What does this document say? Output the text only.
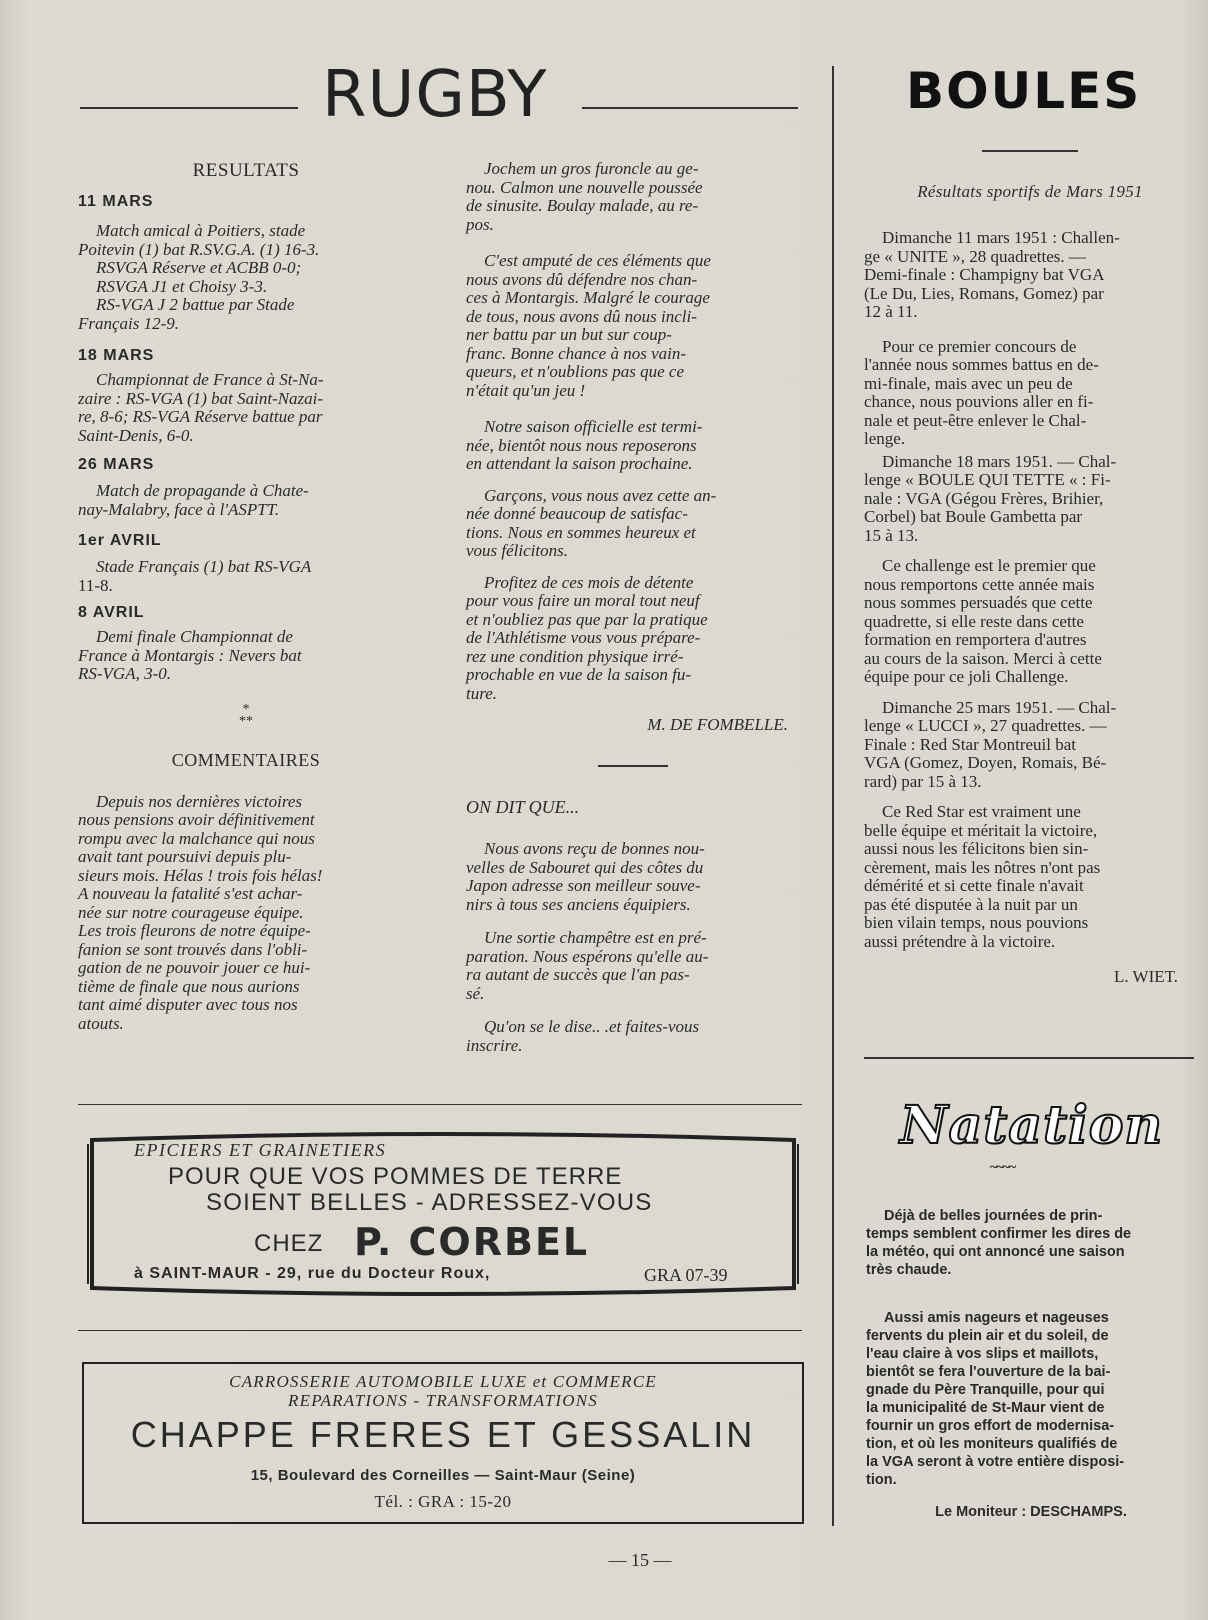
RUGBY
RESULTATS
11 MARS
Match amical à Poitiers, stade
Poitevin (1) bat R.SV.G.A. (1) 16-3.
RSVGA Réserve et ACBB 0-0;
RSVGA J1 et Choisy 3-3.
RS-VGA J 2 battue par Stade
Français 12-9.
18 MARS
Championnat de France à St-Na-
zaire : RS-VGA (1) bat Saint-Nazai-
re, 8-6; RS-VGA Réserve battue par
Saint-Denis, 6-0.
26 MARS
Match de propagande à Chate-
nay-Malabry, face à l'ASPTT.
1er AVRIL
Stade Français (1) bat RS-VGA
11-8.
8 AVRIL
Demi finale Championnat de
France à Montargis : Nevers bat
RS-VGA, 3-0.
*
**
COMMENTAIRES
Depuis nos dernières victoires
nous pensions avoir définitivement
rompu avec la malchance qui nous
avait tant poursuivi depuis plu-
sieurs mois. Hélas ! trois fois hélas!
A nouveau la fatalité s'est achar-
née sur notre courageuse équipe.
Les trois fleurons de notre équipe-
fanion se sont trouvés dans l'obli-
gation de ne pouvoir jouer ce hui-
tième de finale que nous aurions
tant aimé disputer avec tous nos
atouts.
Jochem un gros furoncle au ge-
nou. Calmon une nouvelle poussée
de sinusite. Boulay malade, au re-
pos.
C'est amputé de ces éléments que
nous avons dû défendre nos chan-
ces à Montargis. Malgré le courage
de tous, nous avons dû nous incli-
ner battu par un but sur coup-
franc. Bonne chance à nos vain-
queurs, et n'oublions pas que ce
n'était qu'un jeu !
Notre saison officielle est termi-
née, bientôt nous nous reposerons
en attendant la saison prochaine.
Garçons, vous nous avez cette an-
née donné beaucoup de satisfac-
tions. Nous en sommes heureux et
vous félicitons.
Profitez de ces mois de détente
pour vous faire un moral tout neuf
et n'oubliez pas que par la pratique
de l'Athlétisme vous vous prépare-
rez une condition physique irré-
prochable en vue de la saison fu-
ture.
M. DE FOMBELLE.
ON DIT QUE...
Nous avons reçu de bonnes nou-
velles de Sabouret qui des côtes du
Japon adresse son meilleur souve-
nirs à tous ses anciens équipiers.
Une sortie champêtre est en pré-
paration. Nous espérons qu'elle au-
ra autant de succès que l'an pas-
sé.
Qu'on se le dise.. .et faites-vous
inscrire.
BOULES
Résultats sportifs de Mars 1951
Dimanche 11 mars 1951 : Challen-
ge « UNITE », 28 quadrettes. —
Demi-finale : Champigny bat VGA
(Le Du, Lies, Romans, Gomez) par
12 à 11.
Pour ce premier concours de
l'année nous sommes battus en de-
mi-finale, mais avec un peu de
chance, nous pouvions aller en fi-
nale et peut-être enlever le Chal-
lenge.
Dimanche 18 mars 1951. — Chal-
lenge « BOULE QUI TETTE « : Fi-
nale : VGA (Gégou Frères, Brihier,
Corbel) bat Boule Gambetta par
15 à 13.
Ce challenge est le premier que
nous remportons cette année mais
nous sommes persuadés que cette
quadrette, si elle reste dans cette
formation en remportera d'autres
au cours de la saison. Merci à cette
équipe pour ce joli Challenge.
Dimanche 25 mars 1951. — Chal-
lenge « LUCCI », 27 quadrettes. —
Finale : Red Star Montreuil bat
VGA (Gomez, Doyen, Romais, Bé-
rard) par 15 à 13.
Ce Red Star est vraiment une
belle équipe et méritait la victoire,
aussi nous les félicitons bien sin-
cèrement, mais les nôtres n'ont pas
démérité et si cette finale n'avait
pas été disputée à la nuit par un
bien vilain temps, nous pouvions
aussi prétendre à la victoire.
L. WIET.
Natation
~~~~
Déjà de belles journées de prin-
temps semblent confirmer les dires de
la météo, qui ont annoncé une saison
très chaude.
Aussi amis nageurs et nageuses
fervents du plein air et du soleil, de
l'eau claire à vos slips et maillots,
bientôt se fera l'ouverture de la bai-
gnade du Père Tranquille, pour qui
la municipalité de St-Maur vient de
fournir un gros effort de modernisa-
tion, et où les moniteurs qualifiés de
la VGA seront à votre entière disposi-
tion.
Le Moniteur : DESCHAMPS.
EPICIERS ET GRAINETIERS
POUR QUE VOS POMMES DE TERRE
SOIENT BELLES - ADRESSEZ-VOUS
CHEZ P. CORBEL
à SAINT-MAUR - 29, rue du Docteur Roux,	GRA 07-39
CARROSSERIE AUTOMOBILE LUXE et COMMERCE
REPARATIONS - TRANSFORMATIONS
CHAPPE FRERES ET GESSALIN
15, Boulevard des Corneilles — Saint-Maur (Seine)
Tél. : GRA : 15-20
— 15 —
